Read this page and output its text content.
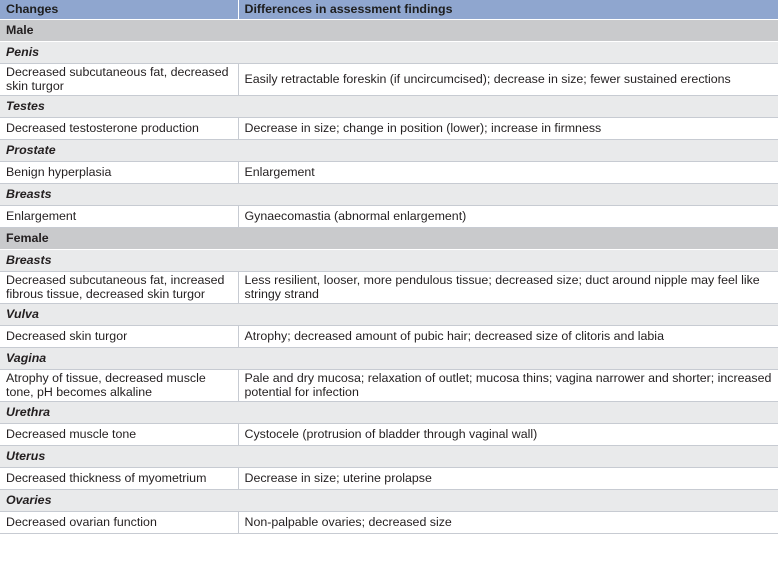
Changes	Differences in assessment findings
Male	
Penis	
Decreased subcutaneous fat, decreased skin turgor	Easily retractable foreskin (if uncircumcised); decrease in size; fewer sustained erections
Testes	
Decreased testosterone production	Decrease in size; change in position (lower); increase in firmness
Prostate	
Benign hyperplasia	Enlargement
Breasts	
Enlargement	Gynaecomastia (abnormal enlargement)
Female	
Breasts	
Decreased subcutaneous fat, increased fibrous tissue, decreased skin turgor	Less resilient, looser, more pendulous tissue; decreased size; duct around nipple may feel like stringy strand
Vulva	
Decreased skin turgor	Atrophy; decreased amount of pubic hair; decreased size of clitoris and labia
Vagina	
Atrophy of tissue, decreased muscle tone, pH becomes alkaline	Pale and dry mucosa; relaxation of outlet; mucosa thins; vagina narrower and shorter; increased potential for infection
Urethra	
Decreased muscle tone	Cystocele (protrusion of bladder through vaginal wall)
Uterus	
Decreased thickness of myometrium	Decrease in size; uterine prolapse
Ovaries	
Decreased ovarian function	Non-palpable ovaries; decreased size
